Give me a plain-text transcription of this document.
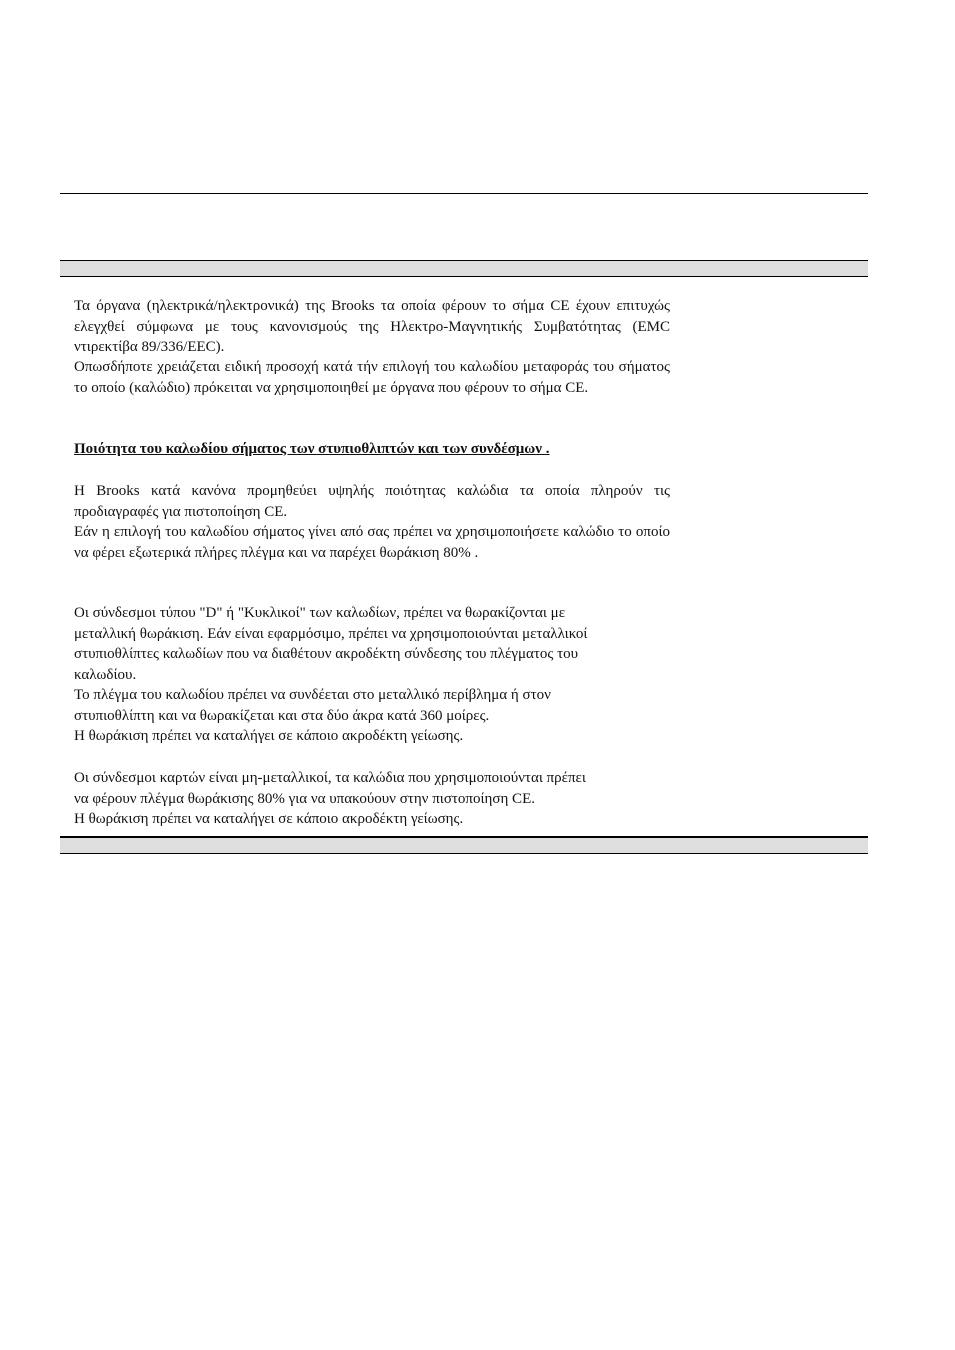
Τα όργανα (ηλεκτρικά/ηλεκτρονικά) της Brooks τα οποία φέρουν το σήμα CE έχουν επιτυχώς ελεγχθεί σύμφωνα με τους κανονισμούς της Ηλεκτρο-Μαγνητικής Συμβατότητας (EMC ντιρεκτίβα 89/336/EEC).

Οπωσδήποτε χρειάζεται ειδική προσοχή κατά τήν επιλογή του καλωδίου μεταφοράς του σήματος το οποίο (καλώδιο) πρόκειται να χρησιμοποιηθεί με όργανα που φέρουν το σήμα CE.

Ποιότητα του καλωδίου σήματος των στυπιοθλιπτών και των συνδέσμων .

Η Brooks κατά κανόνα προμηθεύει υψηλής ποιότητας καλώδια τα οποία πληρούν τις προδιαγραφές για πιστοποίηση CE.

Εάν η επιλογή του καλωδίου σήματος γίνει από σας πρέπει να χρησιμοποιήσετε καλώδιο το οποίο να φέρει εξωτερικά πλήρες πλέγμα και να παρέχει θωράκιση 80% .

Οι σύνδεσμοι τύπου "D" ή "Κυκλικοί" των καλωδίων, πρέπει να θωρακίζονται με
μεταλλική θωράκιση. Εάν είναι εφαρμόσιμο, πρέπει να χρησιμοποιούνται μεταλλικοί
στυπιοθλίπτες καλωδίων που να διαθέτουν ακροδέκτη σύνδεσης του πλέγματος του
καλωδίου.
Το πλέγμα του καλωδίου πρέπει να συνδέεται στο μεταλλικό περίβλημα ή στον
στυπιοθλίπτη και να θωρακίζεται και στα δύο άκρα κατά 360 μοίρες.
Η θωράκιση πρέπει να καταλήγει σε κάποιο ακροδέκτη γείωσης.
Οι σύνδεσμοι καρτών είναι μη-μεταλλικοί, τα καλώδια που χρησιμοποιούνται πρέπει
να φέρουν πλέγμα θωράκισης 80% για να υπακούουν στην πιστοποίηση CE.
Η θωράκιση πρέπει να καταλήγει σε κάποιο ακροδέκτη γείωσης.
